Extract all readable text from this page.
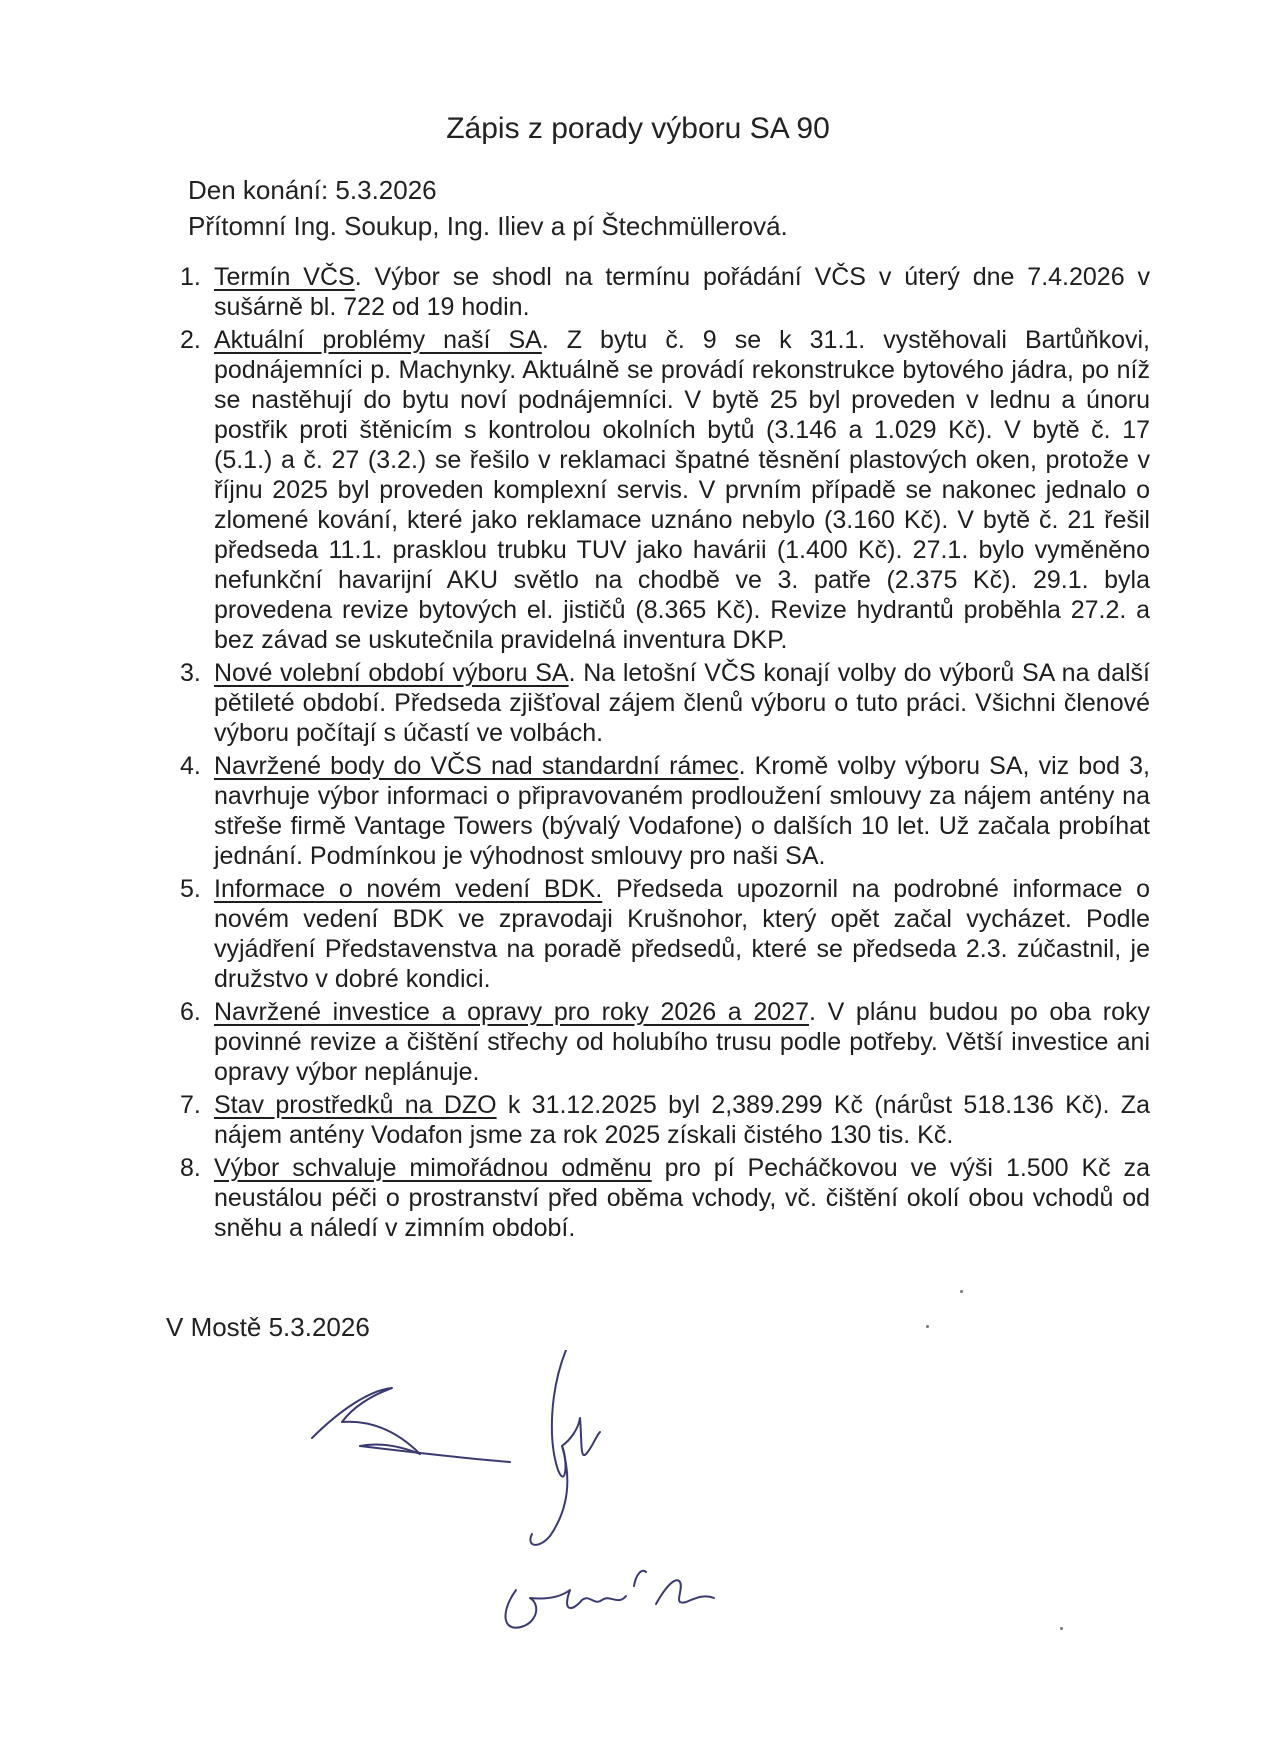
Zápis z porady výboru SA 90
Den konání: 5.3.2026
Přítomní Ing. Soukup, Ing. Iliev a pí Štechmüllerová.
1. Termín VČS. Výbor se shodl na termínu pořádání VČS v úterý dne 7.4.2026 v sušárně bl. 722 od 19 hodin.
2. Aktuální problémy naší SA. Z bytu č. 9 se k 31.1. vystěhovali Bartůňkovi, podnájemníci p. Machynky. Aktuálně se provádí rekonstrukce bytového jádra, po níž se nastěhují do bytu noví podnájemníci. V bytě 25 byl proveden v lednu a únoru postřik proti štěnicím s kontrolou okolních bytů (3.146 a 1.029 Kč). V bytě č. 17 (5.1.) a č. 27 (3.2.) se řešilo v reklamaci špatné těsnění plastových oken, protože v říjnu 2025 byl proveden komplexní servis. V prvním případě se nakonec jednalo o zlomené kování, které jako reklamace uznáno nebylo (3.160 Kč). V bytě č. 21 řešil předseda 11.1. prasklou trubku TUV jako havárii (1.400 Kč). 27.1. bylo vyměněno nefunkční havarijní AKU světlo na chodbě ve 3. patře (2.375 Kč). 29.1. byla provedena revize bytových el. jističů (8.365 Kč). Revize hydrantů proběhla 27.2. a bez závad se uskutečnila pravidelná inventura DKP.
3. Nové volební období výboru SA. Na letošní VČS konají volby do výborů SA na další pětileté období. Předseda zjišťoval zájem členů výboru o tuto práci. Všichni členové výboru počítají s účastí ve volbách.
4. Navržené body do VČS nad standardní rámec. Kromě volby výboru SA, viz bod 3, navrhuje výbor informaci o připravovaném prodloužení smlouvy za nájem antény na střeše firmě Vantage Towers (bývalý Vodafone) o dalších 10 let. Už začala probíhat jednání. Podmínkou je výhodnost smlouvy pro naši SA.
5. Informace o novém vedení BDK. Předseda upozornil na podrobné informace o novém vedení BDK ve zpravodaji Krušnohor, který opět začal vycházet. Podle vyjádření Představenstva na poradě předsedů, které se předseda 2.3. zúčastnil, je družstvo v dobré kondici.
6. Navržené investice a opravy pro roky 2026 a 2027. V plánu budou po oba roky povinné revize a čištění střechy od holubího trusu podle potřeby. Větší investice ani opravy výbor neplánuje.
7. Stav prostředků na DZO k 31.12.2025 byl 2,389.299 Kč (nárůst 518.136 Kč). Za nájem antény Vodafon jsme za rok 2025 získali čistého 130 tis. Kč.
8. Výbor schvaluje mimořádnou odměnu pro pí Pecháčkovou ve výši 1.500 Kč za neustálou péči o prostranství před oběma vchody, vč. čištění okolí obou vchodů od sněhu a náledí v zimním období.
V Mostě 5.3.2026
